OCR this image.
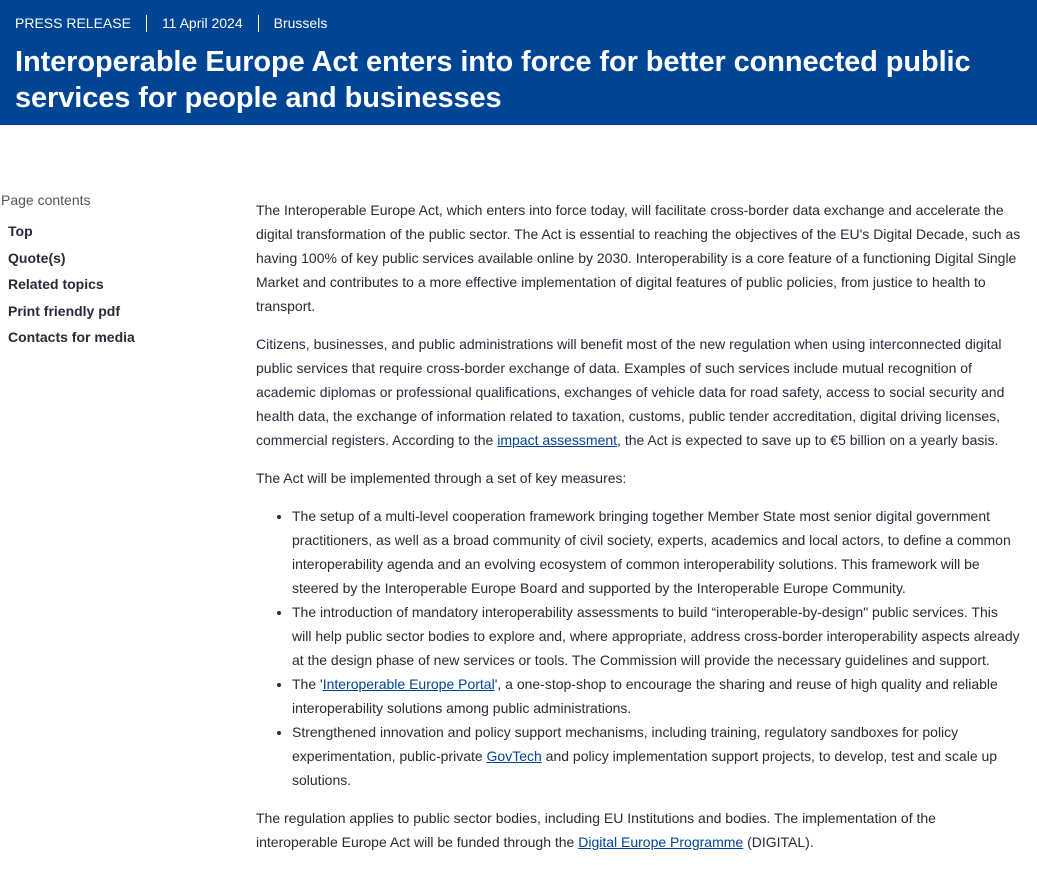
PRESS RELEASE 11 April 2024 Brussels
Interoperable Europe Act enters into force for better connected public services for people and businesses
Page contents
Top
Quote(s)
Related topics
Print friendly pdf
Contacts for media

The Interoperable Europe Act, which enters into force today, will facilitate cross-border data exchange and accelerate the digital transformation of the public sector. The Act is essential to reaching the objectives of the EU's Digital Decade, such as having 100% of key public services available online by 2030. Interoperability is a core feature of a functioning Digital Single Market and contributes to a more effective implementation of digital features of public policies, from justice to health to transport.

Citizens, businesses, and public administrations will benefit most of the new regulation when using interconnected digital public services that require cross-border exchange of data. Examples of such services include mutual recognition of academic diplomas or professional qualifications, exchanges of vehicle data for road safety, access to social security and health data, the exchange of information related to taxation, customs, public tender accreditation, digital driving licenses, commercial registers. According to the impact assessment, the Act is expected to save up to €5 billion on a yearly basis.

The Act will be implemented through a set of key measures:

• The setup of a multi-level cooperation framework bringing together Member State most senior digital government practitioners, as well as a broad community of civil society, experts, academics and local actors, to define a common interoperability agenda and an evolving ecosystem of common interoperability solutions. This framework will be steered by the Interoperable Europe Board and supported by the Interoperable Europe Community.
• The introduction of mandatory interoperability assessments to build “interoperable-by-design" public services. This will help public sector bodies to explore and, where appropriate, address cross-border interoperability aspects already at the design phase of new services or tools. The Commission will provide the necessary guidelines and support.
• The 'Interoperable Europe Portal', a one-stop-shop to encourage the sharing and reuse of high quality and reliable interoperability solutions among public administrations.
• Strengthened innovation and policy support mechanisms, including training, regulatory sandboxes for policy experimentation, public-private GovTech and policy implementation support projects, to develop, test and scale up solutions.

The regulation applies to public sector bodies, including EU Institutions and bodies. The implementation of the interoperable Europe Act will be funded through the Digital Europe Programme (DIGITAL).
